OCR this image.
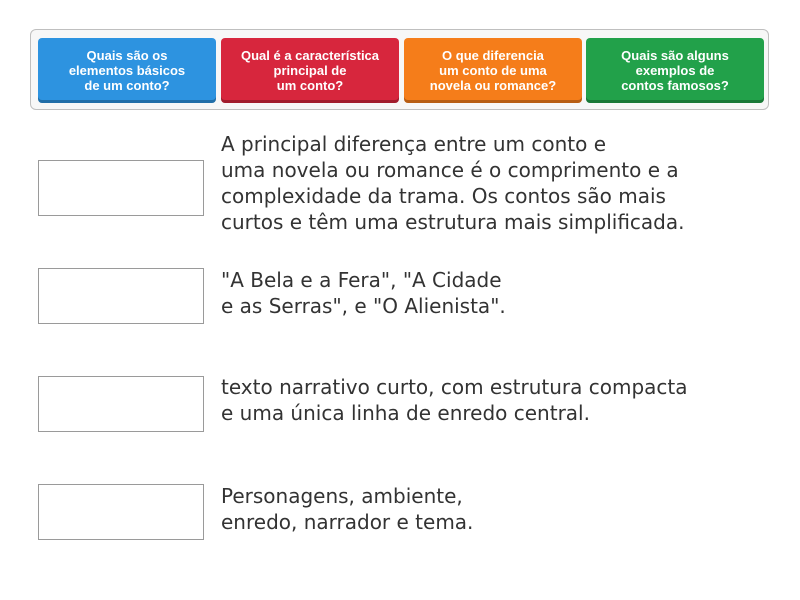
Quais são os
elementos básicos
de um conto?
Qual é a característica
principal de
um conto?
O que diferencia
um conto de uma
novela ou romance?
Quais são alguns
exemplos de
contos famosos?

A principal diferença entre um conto e
uma novela ou romance é o comprimento e a
complexidade da trama. Os contos são mais
curtos e têm uma estrutura mais simplificada.

"A Bela e a Fera", "A Cidade
e as Serras", e "O Alienista".

texto narrativo curto, com estrutura compacta
e uma única linha de enredo central.

Personagens, ambiente,
enredo, narrador e tema.
